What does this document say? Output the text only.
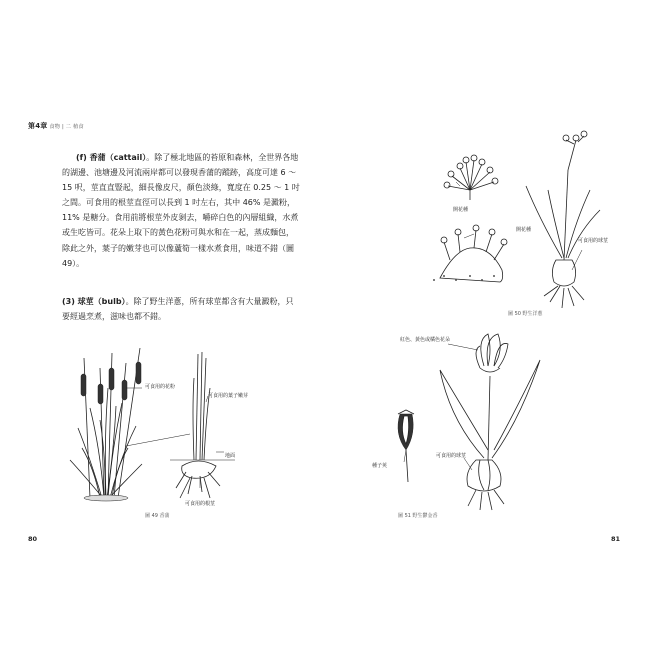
第4章 食物 | 二 植食

(f) 香蒲（cattail）。除了極北地區的苔原和森林，全世界各地的湖邊、池塘邊及河流兩岸都可以發現香蒲的蹤跡，高度可達 6 ～ 15 呎，莖直直豎起，細長像皮尺，顏色淡綠，寬度在 0.25 ～ 1 吋之間。可食用的根莖直徑可以長到 1 吋左右，其中 46% 是澱粉，11% 是糖分。食用前將根莖外皮剝去，嚼碎白色的內層組織，水煮或生吃皆可。花朵上取下的黃色花粉可與水和在一起，蒸成麵包，除此之外，葉子的嫩芽也可以像蘆筍一樣水煮食用，味道不錯（圖 49）。

(3) 球莖（bulb）。除了野生洋蔥，所有球莖都含有大量澱粉，只要經過烹煮，滋味也都不錯。

可食用的花粉
可食用的葉子嫩芽
地面
可食用的根莖
圖 49 香蒲
開花種
開花種
可食用的球莖
圖 50 野生洋蔥
紅色、黃色或橘色花朵
種子莢
可食用的球莖
圖 51 野生鬱金香
80	81
